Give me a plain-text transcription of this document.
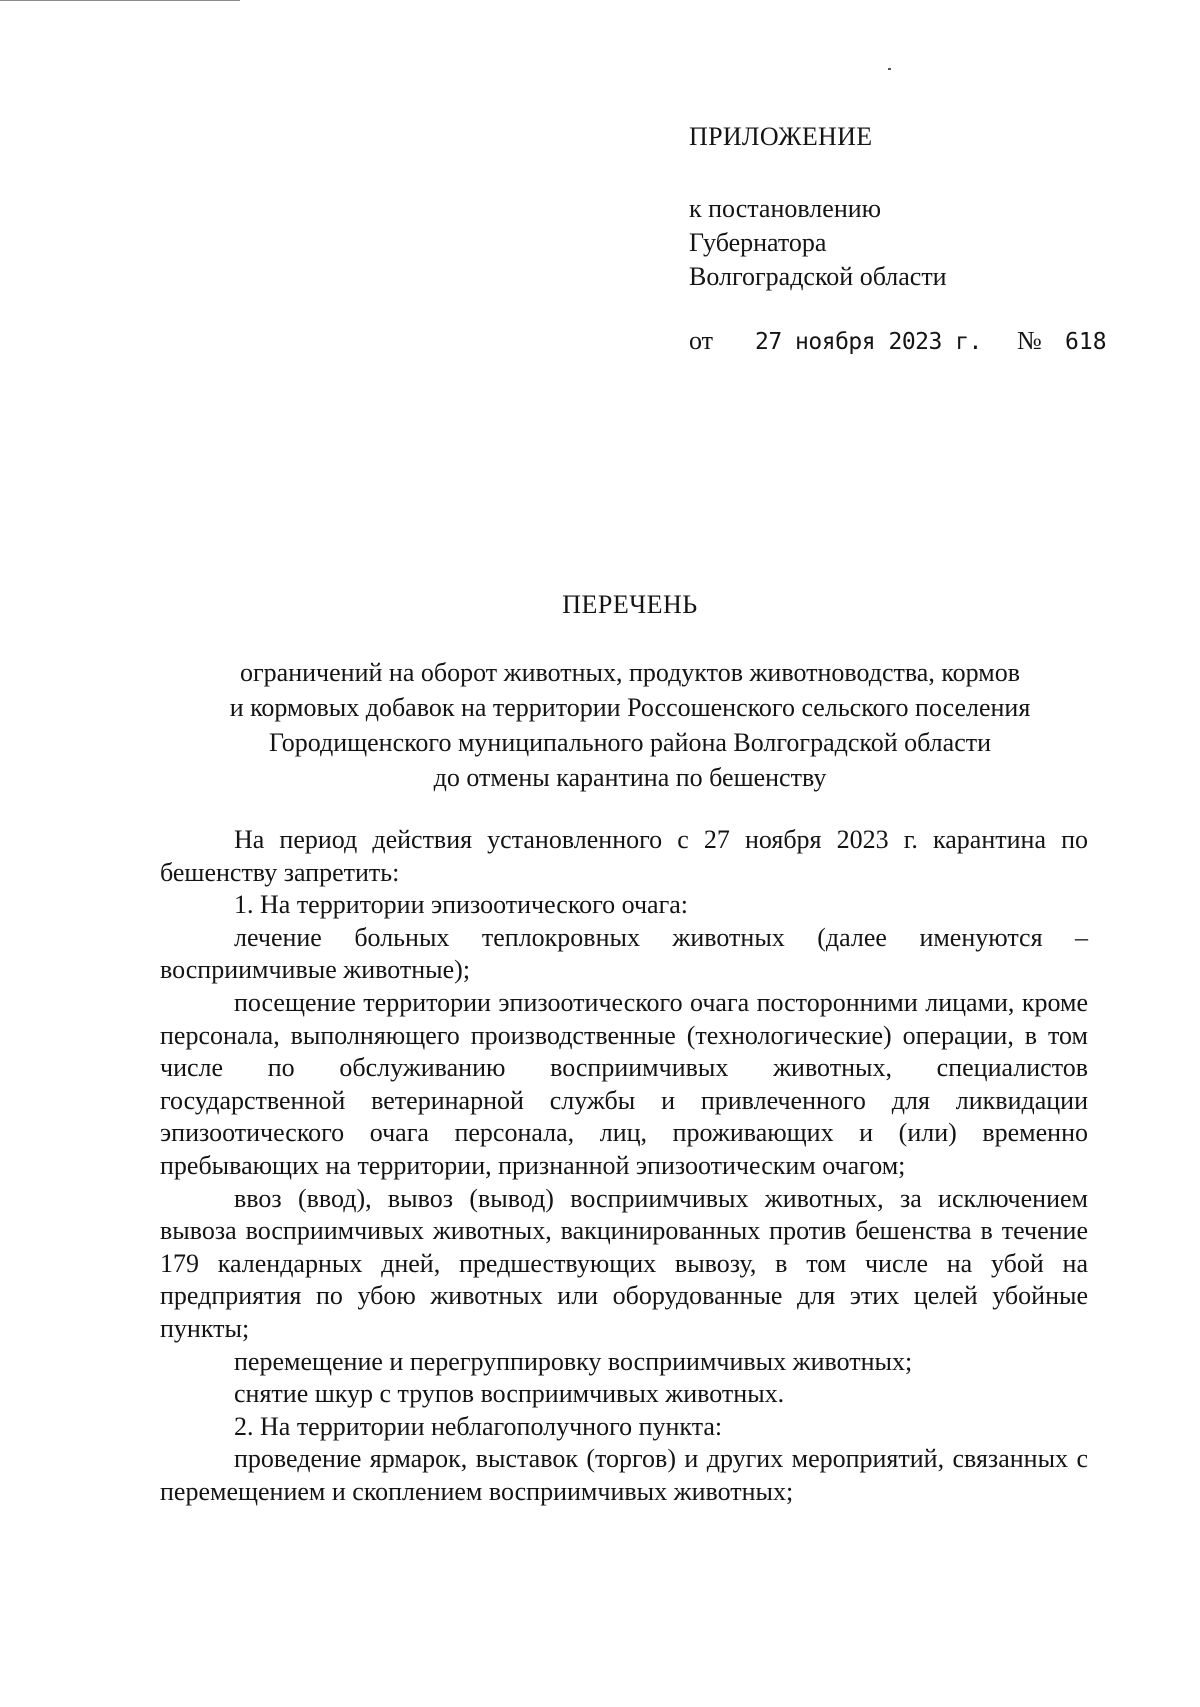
ПРИЛОЖЕНИЕ
к постановлению
Губернатора
Волгоградской области
от 27 ноября 2023 г. № 618
ПЕРЕЧЕНЬ
ограничений на оборот животных, продуктов животноводства, кормов
и кормовых добавок на территории Россошенского сельского поселения
Городищенского муниципального района Волгоградской области
до отмены карантина по бешенству

На период действия установленного с 27 ноября 2023 г. карантина по бешенству запретить:

1. На территории эпизоотического очага:

лечение больных теплокровных животных (далее именуются – восприимчивые животные);

посещение территории эпизоотического очага посторонними лицами, кроме персонала, выполняющего производственные (технологические) операции, в том числе по обслуживанию восприимчивых животных, специалистов государственной ветеринарной службы и привлеченного для ликвидации эпизоотического очага персонала, лиц, проживающих и (или) временно пребывающих на территории, признанной эпизоотическим очагом;

ввоз (ввод), вывоз (вывод) восприимчивых животных, за исключением вывоза восприимчивых животных, вакцинированных против бешенства в течение 179 календарных дней, предшествующих вывозу, в том числе на убой на предприятия по убою животных или оборудованные для этих целей убойные пункты;

перемещение и перегруппировку восприимчивых животных;

снятие шкур с трупов восприимчивых животных.

2. На территории неблагополучного пункта:

проведение ярмарок, выставок (торгов) и других мероприятий, связанных с перемещением и скоплением восприимчивых животных;
